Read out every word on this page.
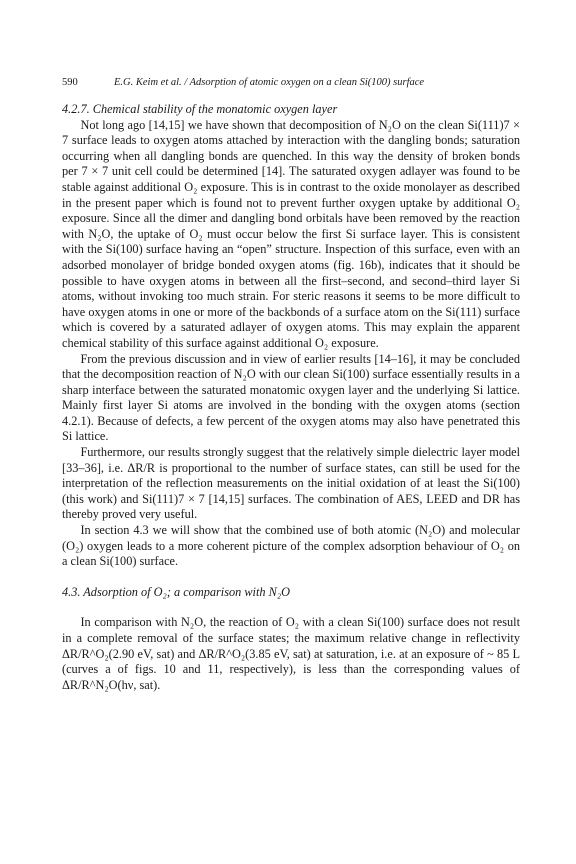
590	E.G. Keim et al. / Adsorption of atomic oxygen on a clean Si(100) surface

4.2.7. Chemical stability of the monatomic oxygen layer

Not long ago [14,15] we have shown that decomposition of N₂O on the clean Si(111)7 × 7 surface leads to oxygen atoms attached by interaction with the dangling bonds; saturation occurring when all dangling bonds are quenched. In this way the density of broken bonds per 7 × 7 unit cell could be determined [14]. The saturated oxygen adlayer was found to be stable against additional O₂ exposure. This is in contrast to the oxide monolayer as described in the present paper which is found not to prevent further oxygen uptake by additional O₂ exposure. Since all the dimer and dangling bond orbitals have been removed by the reaction with N₂O, the uptake of O₂ must occur below the first Si surface layer. This is consistent with the Si(100) surface having an “open” structure. Inspection of this surface, even with an adsorbed monolayer of bridge bonded oxygen atoms (fig. 16b), indicates that it should be possible to have oxygen atoms in between all the first–second, and second–third layer Si atoms, without invoking too much strain. For steric reasons it seems to be more difficult to have oxygen atoms in one or more of the backbonds of a surface atom on the Si(111) surface which is covered by a saturated adlayer of oxygen atoms. This may explain the apparent chemical stability of this surface against additional O₂ exposure.

From the previous discussion and in view of earlier results [14–16], it may be concluded that the decomposition reaction of N₂O with our clean Si(100) surface essentially results in a sharp interface between the saturated monatomic oxygen layer and the underlying Si lattice. Mainly first layer Si atoms are involved in the bonding with the oxygen atoms (section 4.2.1). Because of defects, a few percent of the oxygen atoms may also have penetrated this Si lattice.

Furthermore, our results strongly suggest that the relatively simple dielectric layer model [33–36], i.e. ΔR/R is proportional to the number of surface states, can still be used for the interpretation of the reflection measurements on the initial oxidation of at least the Si(100) (this work) and Si(111)7 × 7 [14,15] surfaces. The combination of AES, LEED and DR has thereby proved very useful.

In section 4.3 we will show that the combined use of both atomic (N₂O) and molecular (O₂) oxygen leads to a more coherent picture of the complex adsorption behaviour of O₂ on a clean Si(100) surface.

4.3. Adsorption of O₂; a comparison with N₂O

In comparison with N₂O, the reaction of O₂ with a clean Si(100) surface does not result in a complete removal of the surface states; the maximum relative change in reflectivity ΔR/R^O₂(2.90 eV, sat) and ΔR/R^O₂(3.85 eV, sat) at saturation, i.e. at an exposure of ~ 85 L (curves a of figs. 10 and 11, respectively), is less than the corresponding values of ΔR/R^N₂O(hν, sat).
